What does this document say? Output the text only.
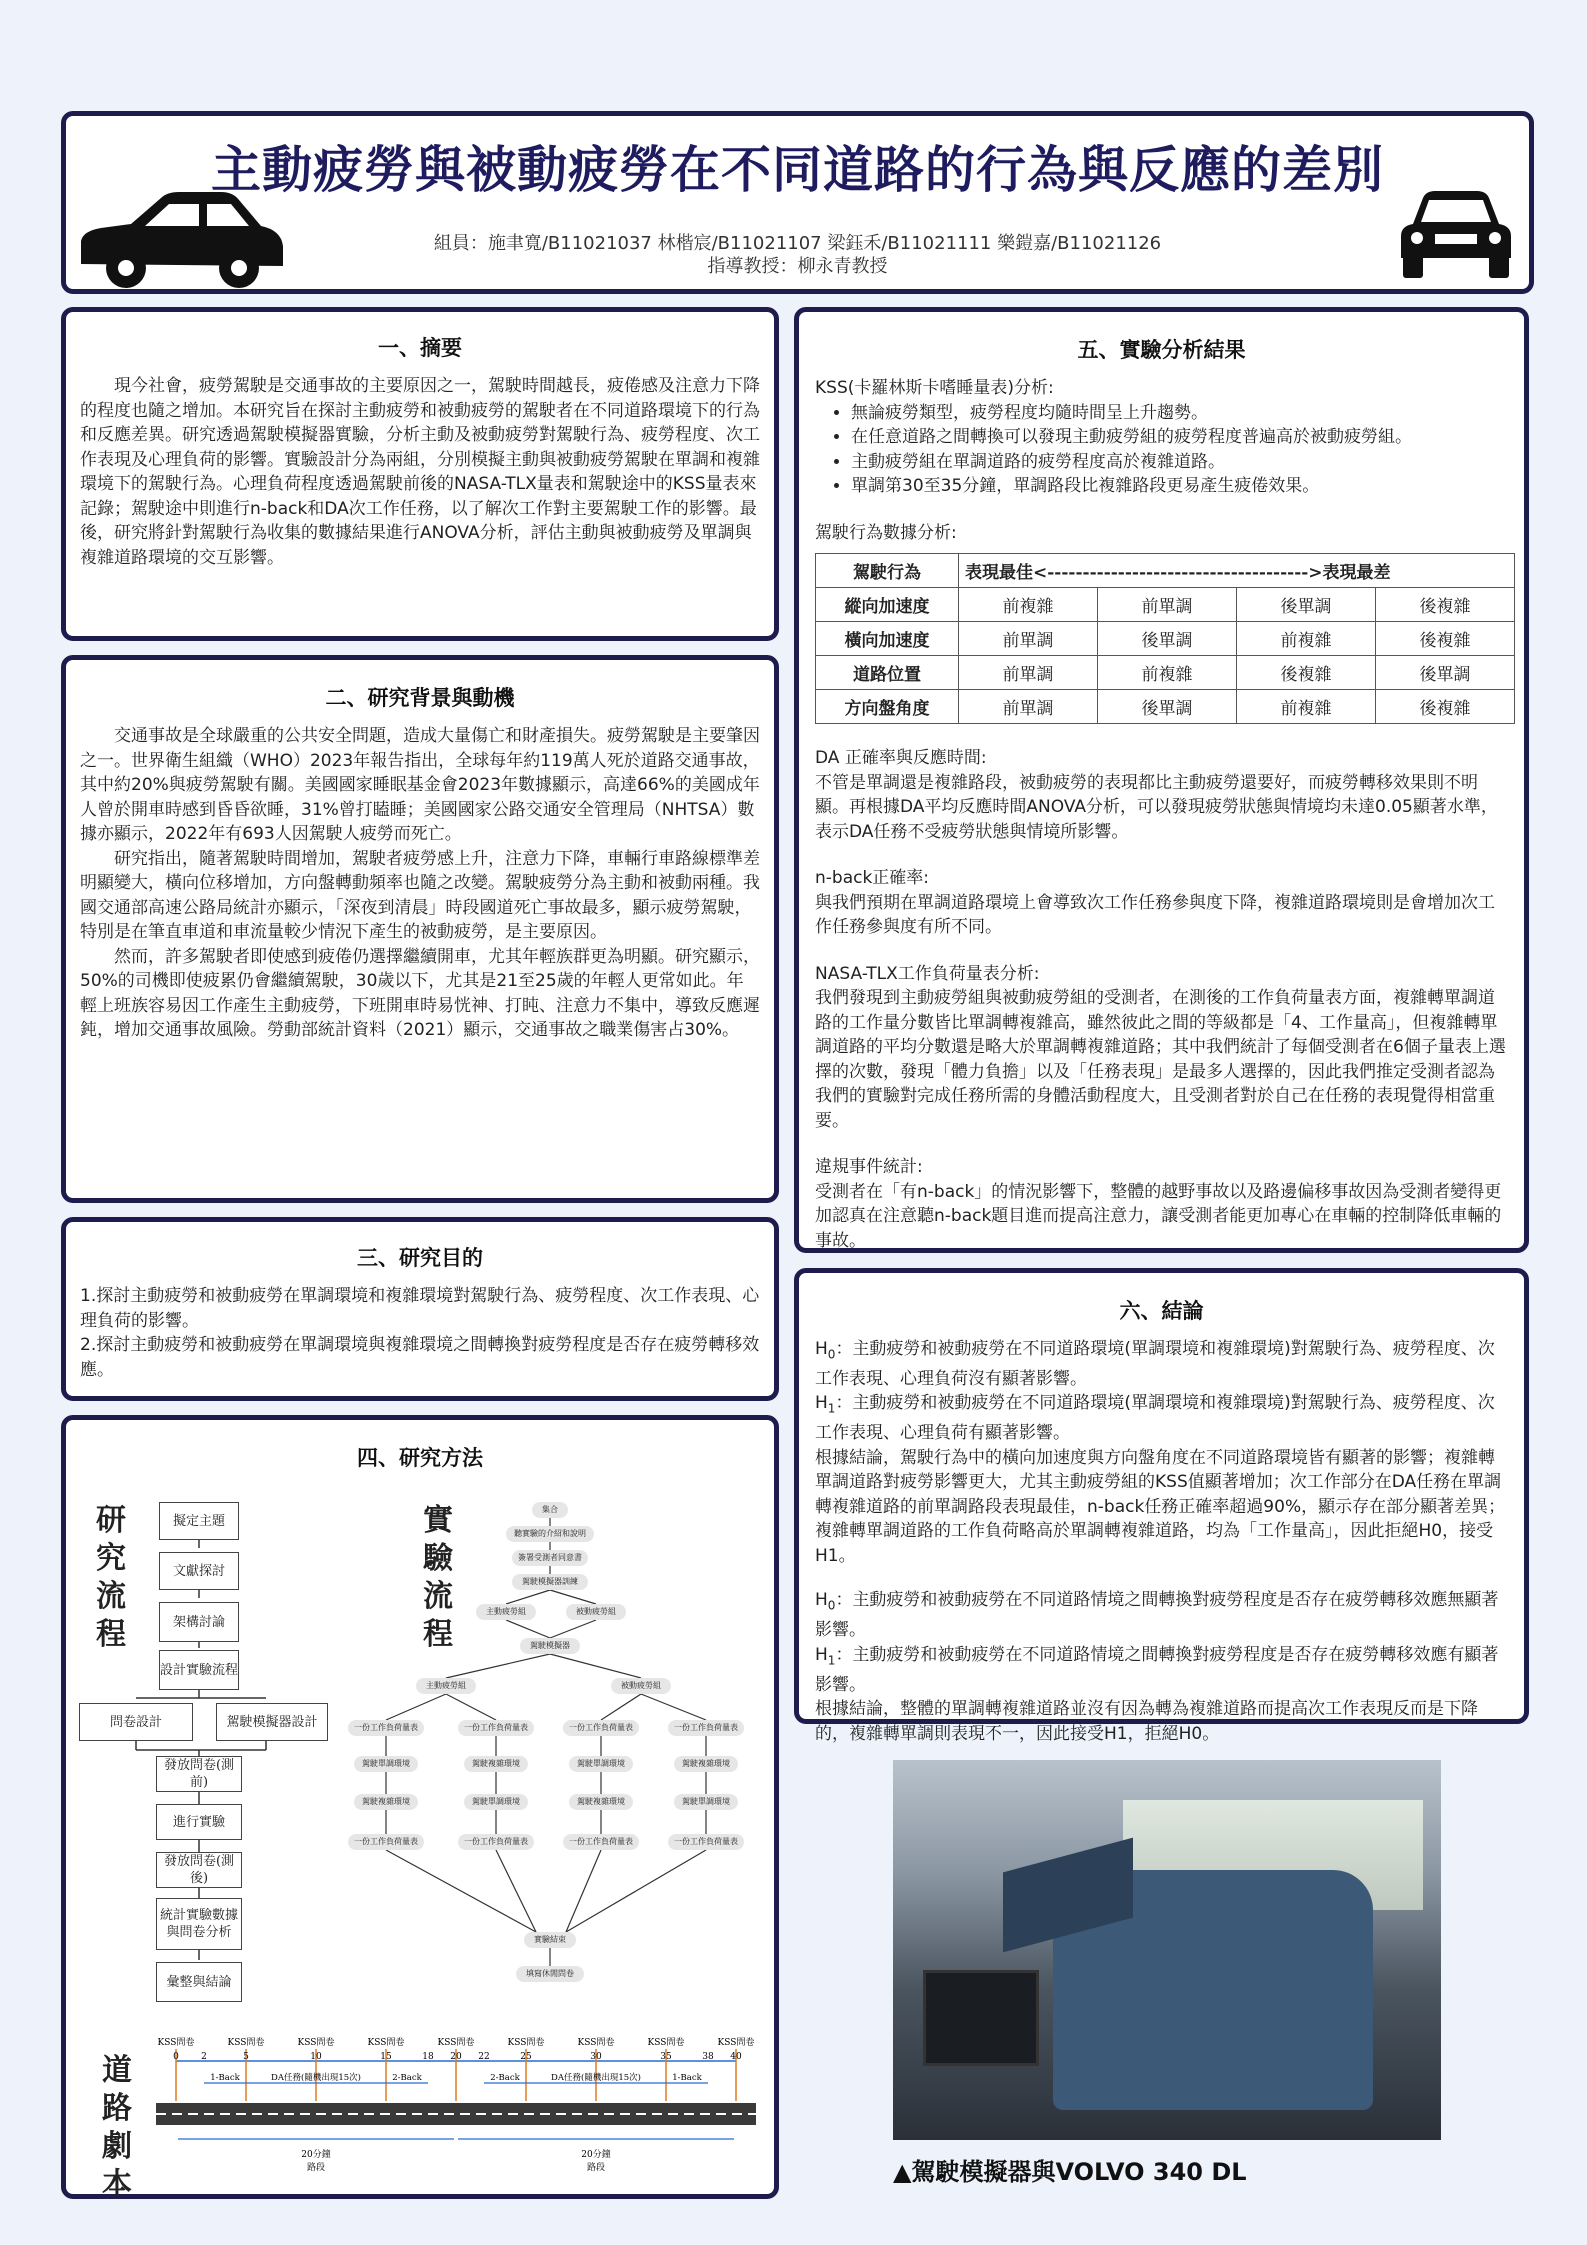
主動疲勞與被動疲勞在不同道路的行為與反應的差別
組員：施聿寬/B11021037 林楷宸/B11021107 梁鈺禾/B11021111 樂鎧嘉/B11021126
指導教授：柳永青教授
一、摘要

現今社會，疲勞駕駛是交通事故的主要原因之一，駕駛時間越長，疲倦感及注意力下降的程度也隨之增加。本研究旨在探討主動疲勞和被動疲勞的駕駛者在不同道路環境下的行為和反應差異。研究透過駕駛模擬器實驗，分析主動及被動疲勞對駕駛行為、疲勞程度、次工作表現及心理負荷的影響。實驗設計分為兩組，分別模擬主動與被動疲勞駕駛在單調和複雜環境下的駕駛行為。心理負荷程度透過駕駛前後的NASA-TLX量表和駕駛途中的KSS量表來記錄；駕駛途中則進行n-back和DA次工作任務，以了解次工作對主要駕駛工作的影響。最後，研究將針對駕駛行為收集的數據結果進行ANOVA分析，評估主動與被動疲勞及單調與複雜道路環境的交互影響。

二、研究背景與動機

交通事故是全球嚴重的公共安全問題，造成大量傷亡和財產損失。疲勞駕駛是主要肇因之一。世界衛生組織（WHO）2023年報告指出，全球每年約119萬人死於道路交通事故，其中約20%與疲勞駕駛有關。美國國家睡眠基金會2023年數據顯示，高達66%的美國成年人曾於開車時感到昏昏欲睡，31%曾打瞌睡；美國國家公路交通安全管理局（NHTSA）數據亦顯示，2022年有693人因駕駛人疲勞而死亡。

研究指出，隨著駕駛時間增加，駕駛者疲勞感上升，注意力下降，車輛行車路線標準差明顯變大，橫向位移增加，方向盤轉動頻率也隨之改變。駕駛疲勞分為主動和被動兩種。我國交通部高速公路局統計亦顯示，「深夜到清晨」時段國道死亡事故最多，顯示疲勞駕駛，特別是在筆直車道和車流量較少情況下產生的被動疲勞，是主要原因。

然而，許多駕駛者即使感到疲倦仍選擇繼續開車，尤其年輕族群更為明顯。研究顯示，50%的司機即使疲累仍會繼續駕駛，30歲以下，尤其是21至25歲的年輕人更常如此。年輕上班族容易因工作產生主動疲勞，下班開車時易恍神、打盹、注意力不集中，導致反應遲鈍，增加交通事故風險。勞動部統計資料（2021）顯示，交通事故之職業傷害占30%。

三、研究目的

1.探討主動疲勞和被動疲勞在單調環境和複雜環境對駕駛行為、疲勞程度、次工作表現、心理負荷的影響。

2.探討主動疲勞和被動疲勞在單調環境與複雜環境之間轉換對疲勞程度是否存在疲勞轉移效應。

四、研究方法
研究流程
實驗流程
道路劇本
擬定主題
文獻探討
架構討論
設計實驗流程
問卷設計	駕駛模擬器設計
發放問卷(測前)
進行實驗
發放問卷(測後)
統計實驗數據與問卷分析
彙整與結論
集合
聽實驗的介紹和說明
簽署受測者同意書
駕駛模擬器訓練
主動疲勞組	被動疲勞組
駕駛模擬器
主動疲勞組	被動疲勞組
一份工作負荷量表
駕駛單調環境
駕駛複雜環境
一份工作負荷量表
一份工作負荷量表
駕駛複雜環境
駕駛單調環境
一份工作負荷量表
一份工作負荷量表
駕駛單調環境
駕駛複雜環境
一份工作負荷量表
一份工作負荷量表
駕駛複雜環境
駕駛單調環境
一份工作負荷量表
實驗結束
填寫休閒問卷
KSS問卷	KSS問卷	KSS問卷	KSS問卷	KSS問卷	KSS問卷	KSS問卷	KSS問卷	KSS問卷
0 2	5	10	15	18 20 22	25	30	35	38 40
1-Back	DA任務(隨機出現15次)	2-Back	2-Back	DA任務(隨機出現15次)	1-Back
20分鐘
路段
20分鐘
路段
五、實驗分析結果
KSS(卡羅林斯卡嗜睡量表)分析:
• 無論疲勞類型，疲勞程度均隨時間呈上升趨勢。
• 在任意道路之間轉換可以發現主動疲勞組的疲勞程度普遍高於被動疲勞組。
• 主動疲勞組在單調道路的疲勞程度高於複雜道路。
• 單調第30至35分鐘，單調路段比複雜路段更易產生疲倦效果。
駕駛行為數據分析:
駕駛行為	表現最佳<------------------------------------->表現最差			
縱向加速度	前複雜	前單調	後單調	後複雜
橫向加速度	前單調	後單調	前複雜	後複雜
道路位置	前單調	前複雜	後複雜	後單調
方向盤角度	前單調	後單調	前複雜	後複雜
DA 正確率與反應時間:
不管是單調還是複雜路段，被動疲勞的表現都比主動疲勞還要好，而疲勞轉移效果則不明顯。再根據DA平均反應時間ANOVA分析，可以發現疲勞狀態與情境均未達0.05顯著水準，表示DA任務不受疲勞狀態與情境所影響。
n-back正確率:
與我們預期在單調道路環境上會導致次工作任務參與度下降，複雜道路環境則是會增加次工作任務參與度有所不同。
NASA-TLX工作負荷量表分析:
我們發現到主動疲勞組與被動疲勞組的受測者，在測後的工作負荷量表方面，複雜轉單調道路的工作量分數皆比單調轉複雜高，雖然彼此之間的等級都是「4、工作量高」，但複雜轉單調道路的平均分數還是略大於單調轉複雜道路；其中我們統計了每個受測者在6個子量表上選擇的次數，發現「體力負擔」以及「任務表現」是最多人選擇的，因此我們推定受測者認為我們的實驗對完成任務所需的身體活動程度大，且受測者對於自己在任務的表現覺得相當重要。
違規事件統計:
受測者在「有n-back」的情況影響下，整體的越野事故以及路邊偏移事故因為受測者變得更加認真在注意聽n-back題目進而提高注意力，讓受測者能更加專心在車輛的控制降低車輛的事故。
六、結論
$H_0$：主動疲勞和被動疲勞在不同道路環境(單調環境和複雜環境)對駕駛行為、疲勞程度、次工作表現、心理負荷沒有顯著影響。
$H_1$：主動疲勞和被動疲勞在不同道路環境(單調環境和複雜環境)對駕駛行為、疲勞程度、次工作表現、心理負荷有顯著影響。
根據結論，駕駛行為中的橫向加速度與方向盤角度在不同道路環境皆有顯著的影響；複雜轉單調道路對疲勞影響更大，尤其主動疲勞組的KSS值顯著增加；次工作部分在DA任務在單調轉複雜道路的前單調路段表現最佳，n-back任務正確率超過90%，顯示存在部分顯著差異；複雜轉單調道路的工作負荷略高於單調轉複雜道路，均為「工作量高」，因此拒絕H0，接受H1。
$H_0$：主動疲勞和被動疲勞在不同道路情境之間轉換對疲勞程度是否存在疲勞轉移效應無顯著影響。
$H_1$：主動疲勞和被動疲勞在不同道路情境之間轉換對疲勞程度是否存在疲勞轉移效應有顯著影響。
根據結論，整體的單調轉複雜道路並沒有因為轉為複雜道路而提高次工作表現反而是下降的，複雜轉單調則表現不一，因此接受H1，拒絕H0。
▲駕駛模擬器與VOLVO 340 DL
